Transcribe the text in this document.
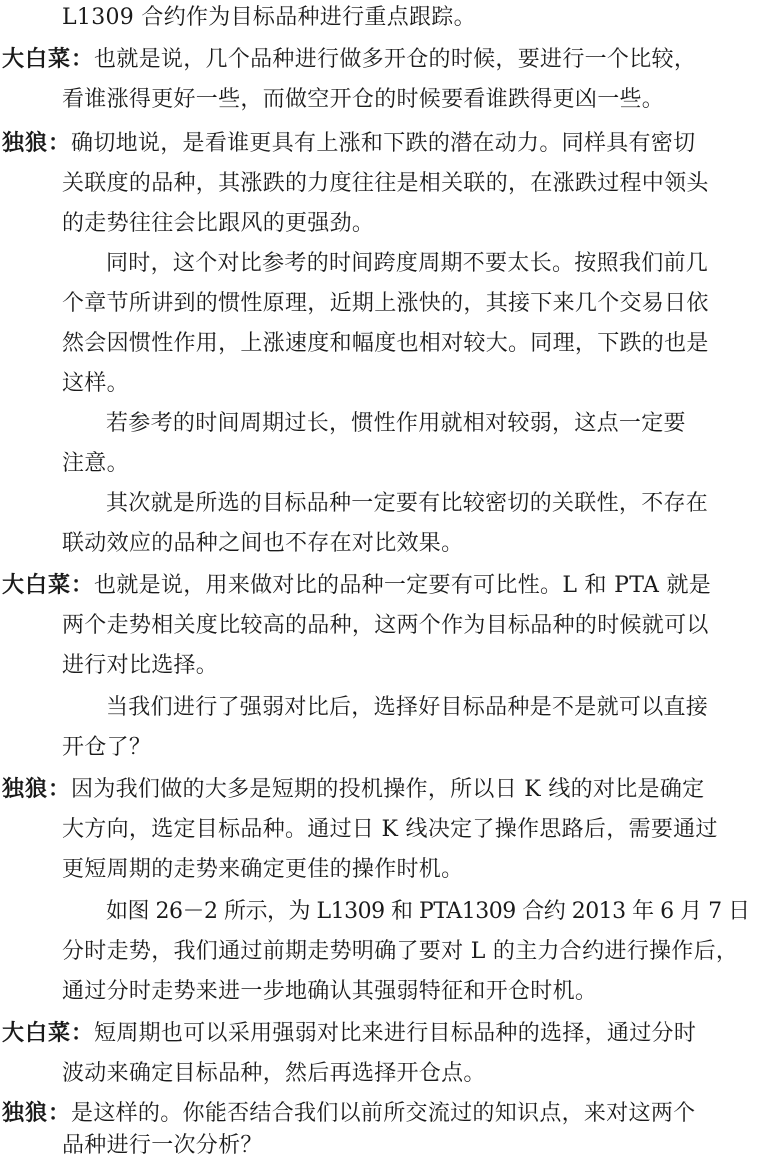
L1309 合约作为目标品种进行重点跟踪。
大白菜：也就是说，几个品种进行做多开仓的时候，要进行一个比较，
看谁涨得更好一些，而做空开仓的时候要看谁跌得更凶一些。
独狼：确切地说，是看谁更具有上涨和下跌的潜在动力。同样具有密切
关联度的品种，其涨跌的力度往往是相关联的，在涨跌过程中领头
的走势往往会比跟风的更强劲。
同时，这个对比参考的时间跨度周期不要太长。按照我们前几
个章节所讲到的惯性原理，近期上涨快的，其接下来几个交易日依
然会因惯性作用，上涨速度和幅度也相对较大。同理，下跌的也是
这样。
若参考的时间周期过长，惯性作用就相对较弱，这点一定要
注意。
其次就是所选的目标品种一定要有比较密切的关联性，不存在
联动效应的品种之间也不存在对比效果。
大白菜：也就是说，用来做对比的品种一定要有可比性。L 和 PTA 就是
两个走势相关度比较高的品种，这两个作为目标品种的时候就可以
进行对比选择。
当我们进行了强弱对比后，选择好目标品种是不是就可以直接
开仓了？
独狼：因为我们做的大多是短期的投机操作，所以日 K 线的对比是确定
大方向，选定目标品种。通过日 K 线决定了操作思路后，需要通过
更短周期的走势来确定更佳的操作时机。
如图 26－2 所示，为 L1309 和 PTA1309 合约 2013 年 6 月 7 日
分时走势，我们通过前期走势明确了要对 L 的主力合约进行操作后，
通过分时走势来进一步地确认其强弱特征和开仓时机。
大白菜：短周期也可以采用强弱对比来进行目标品种的选择，通过分时
波动来确定目标品种，然后再选择开仓点。
独狼：是这样的。你能否结合我们以前所交流过的知识点，来对这两个
品种进行一次分析？
